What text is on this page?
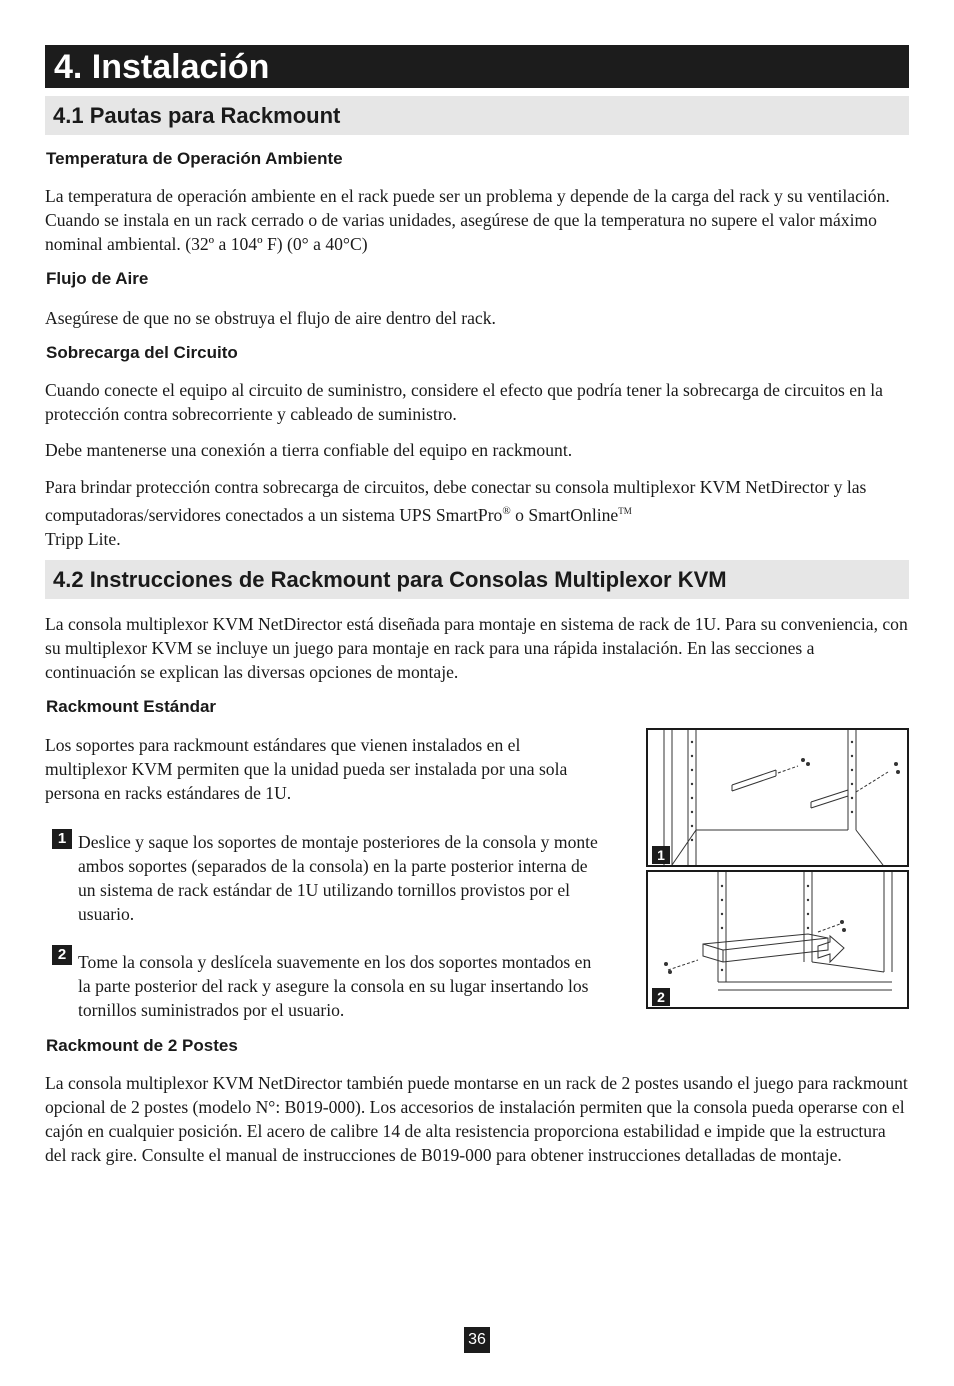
4. Instalación
4.1 Pautas para Rackmount
Temperatura de Operación Ambiente

La temperatura de operación ambiente en el rack puede ser un problema y depende de la carga del rack y su ventilación. Cuando se instala en un rack cerrado o de varias unidades, asegúrese de que la temperatura no supere el valor máximo nominal ambiental. (32º a 104º F) (0° a 40°C)

Flujo de Aire

Asegúrese de que no se obstruya el flujo de aire dentro del rack.

Sobrecarga del Circuito

Cuando conecte el equipo al circuito de suministro, considere el efecto que podría tener la sobrecarga de circuitos en la protección contra sobrecorriente y cableado de suministro.

Debe mantenerse una conexión a tierra confiable del equipo en rackmount.

Para brindar protección contra sobrecarga de circuitos, debe conectar su consola multiplexor KVM NetDirector y las computadoras/servidores conectados a un sistema UPS SmartPro® o SmartOnline™
Tripp Lite.

4.2 Instrucciones de Rackmount para Consolas Multiplexor KVM

La consola multiplexor KVM NetDirector está diseñada para montaje en sistema de rack de 1U. Para su conveniencia, con su multiplexor KVM se incluye un juego para montaje en rack para una rápida instalación. En las secciones a continuación se explican las diversas opciones de montaje.

Rackmount Estándar

Los soportes para rackmount estándares que vienen instalados en el multiplexor KVM permiten que la unidad pueda ser instalada por una sola persona en racks estándares de 1U.

1 Deslice y saque los soportes de montaje posteriores de la consola y monte ambos soportes (separados de la consola) en la parte posterior interna de un sistema de rack estándar de 1U utilizando tornillos provistos por el usuario.

2 Tome la consola y deslícela suavemente en los dos soportes montados en la parte posterior del rack y asegure la consola en su lugar insertando los tornillos suministrados por el usuario.

1
2
Rackmount de 2 Postes

La consola multiplexor KVM NetDirector también puede montarse en un rack de 2 postes usando el juego para rackmount opcional de 2 postes (modelo N°: B019-000). Los accesorios de instalación permiten que la consola pueda operarse con el cajón en cualquier posición. El acero de calibre 14 de alta resistencia proporciona estabilidad e impide que la estructura del rack gire. Consulte el manual de instrucciones de B019-000 para obtener instrucciones detalladas de montaje.

36
